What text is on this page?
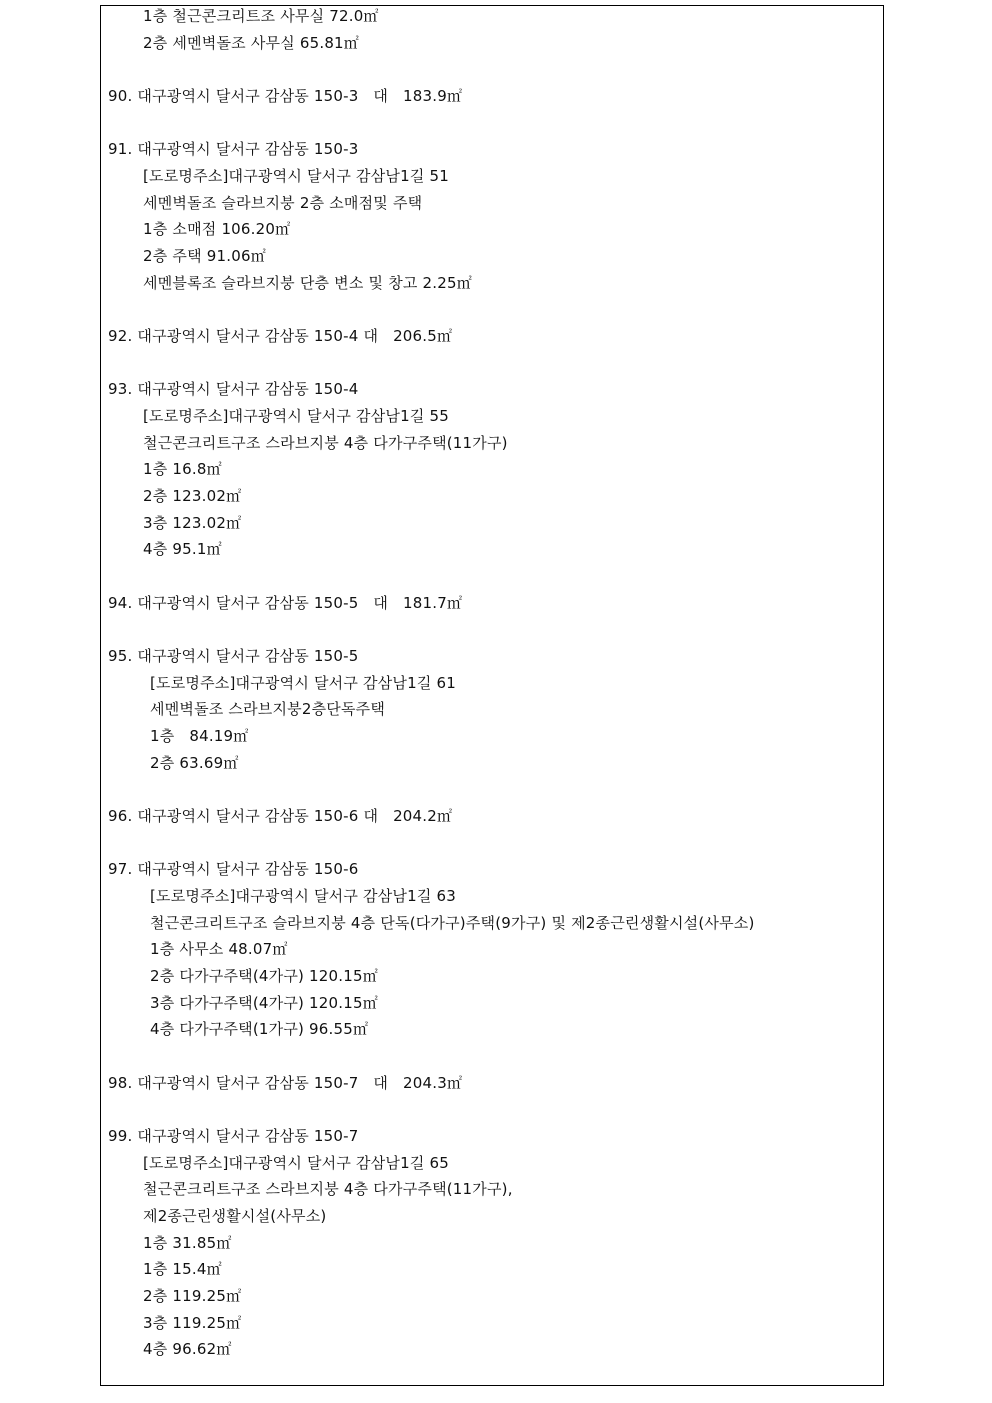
1층 철근콘크리트조 사무실 72.0㎡
2층 세멘벽돌조 사무실 65.81㎡
90. 대구광역시 달서구 감삼동 150-3   대   183.9㎡
91. 대구광역시 달서구 감삼동 150-3
[도로명주소]대구광역시 달서구 감삼남1길 51
세멘벽돌조 슬라브지붕 2층 소매점및 주택
1층 소매점 106.20㎡
2층 주택 91.06㎡
세멘블록조 슬라브지붕 단층 변소 및 창고 2.25㎡
92. 대구광역시 달서구 감삼동 150-4 대   206.5㎡
93. 대구광역시 달서구 감삼동 150-4
[도로명주소]대구광역시 달서구 감삼남1길 55
철근콘크리트구조 스라브지붕 4층 다가구주택(11가구)
1층 16.8㎡
2층 123.02㎡
3층 123.02㎡
4층 95.1㎡
94. 대구광역시 달서구 감삼동 150-5   대   181.7㎡
95. 대구광역시 달서구 감삼동 150-5
[도로명주소]대구광역시 달서구 감삼남1길 61
세멘벽돌조 스라브지붕2층단독주택
1층   84.19㎡
2층 63.69㎡
96. 대구광역시 달서구 감삼동 150-6 대   204.2㎡
97. 대구광역시 달서구 감삼동 150-6
[도로명주소]대구광역시 달서구 감삼남1길 63
철근콘크리트구조 슬라브지붕 4층 단독(다가구)주택(9가구) 및 제2종근린생활시설(사무소)
1층 사무소 48.07㎡
2층 다가구주택(4가구) 120.15㎡
3층 다가구주택(4가구) 120.15㎡
4층 다가구주택(1가구) 96.55㎡
98. 대구광역시 달서구 감삼동 150-7   대   204.3㎡
99. 대구광역시 달서구 감삼동 150-7
[도로명주소]대구광역시 달서구 감삼남1길 65
철근콘크리트구조 스라브지붕 4층 다가구주택(11가구),
제2종근린생활시설(사무소)
1층 31.85㎡
1층 15.4㎡
2층 119.25㎡
3층 119.25㎡
4층 96.62㎡
